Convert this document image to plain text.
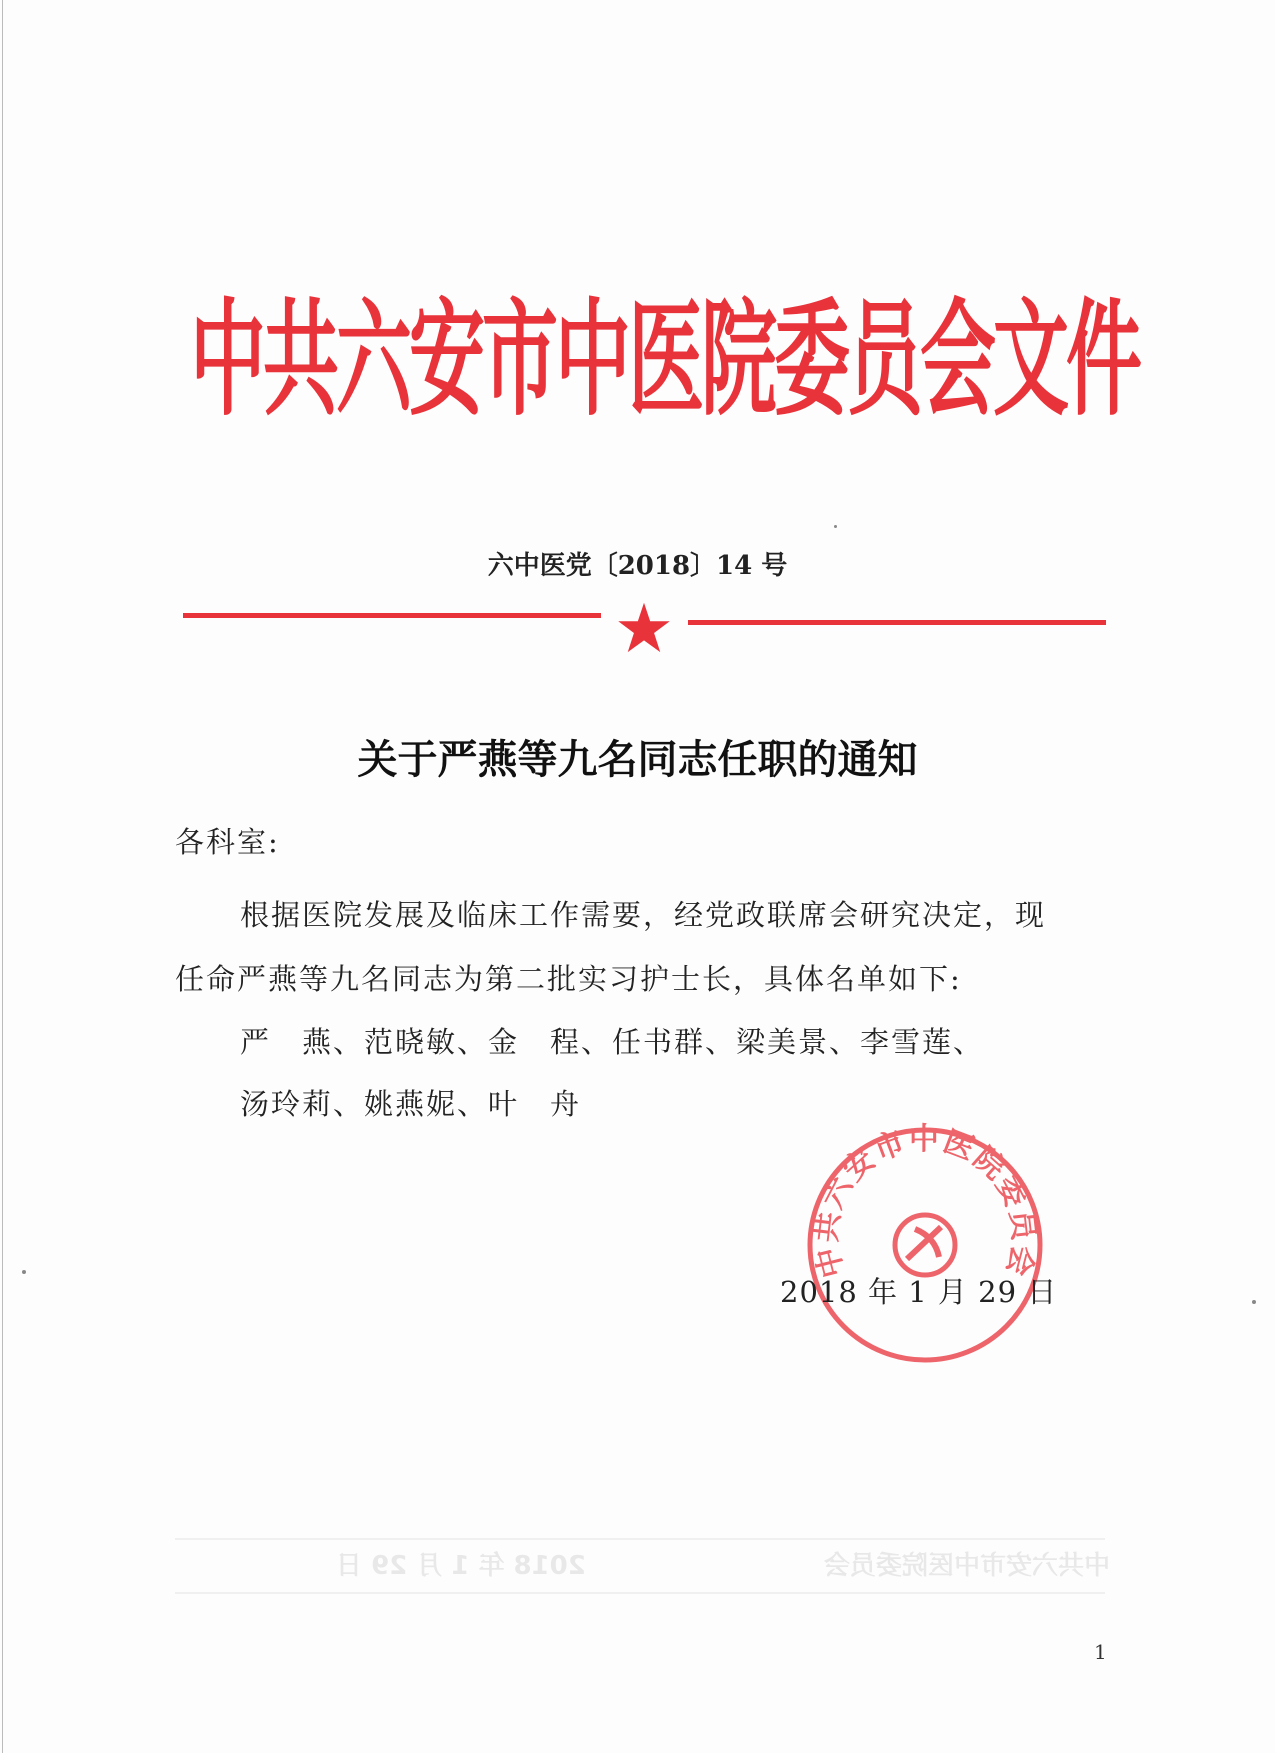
中共六安市中医院委员会文件
六中医党〔2018〕14 号
关于严燕等九名同志任职的通知
各科室:
根据医院发展及临床工作需要，经党政联席会研究决定，现
任命严燕等九名同志为第二批实习护士长，具体名单如下:
严　燕、范晓敏、金　程、任书群、梁美景、李雪莲、
汤玲莉、姚燕妮、叶　舟
中共六安市中医院委员会
2018 年 1 月 29 日
中共六安市中医院委员会  2018 年 1 月 29 日
1
